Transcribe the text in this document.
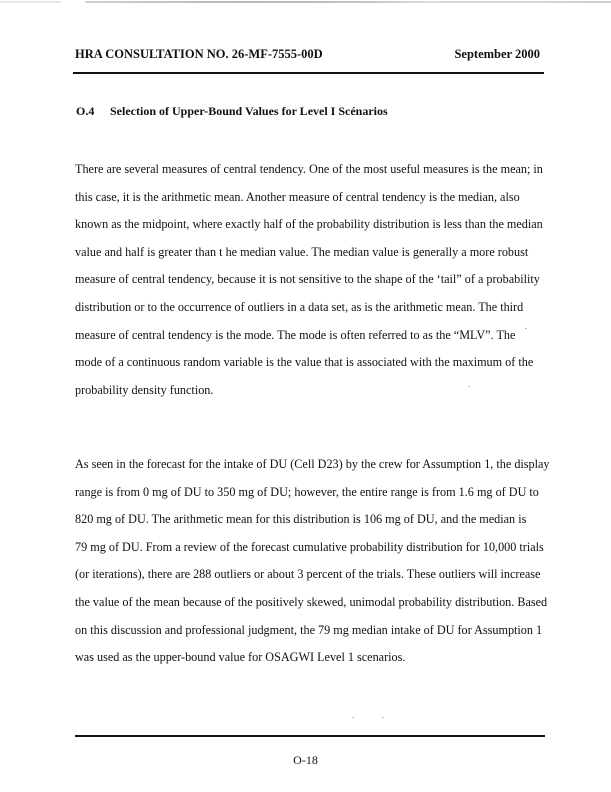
HRA CONSULTATION NO. 26-MF-7555-00D	September 2000
O.4 Selection of Upper-Bound Values for Level I Scénarios
There are several measures of central tendency. One of the most useful measures is the mean; in
this case, it is the arithmetic mean. Another measure of central tendency is the median, also
known as the midpoint, where exactly half of the probability distribution is less than the median
value and half is greater than t he median value. The median value is generally a more robust
measure of central tendency, because it is not sensitive to the shape of the ‘tail” of a probability
distribution or to the occurrence of outliers in a data set, as is the arithmetic mean. The third
measure of central tendency is the mode. The mode is often referred to as the “MLV”. The
mode of a continuous random variable is the value that is associated with the maximum of the
probability density function.
As seen in the forecast for the intake of DU (Cell D23) by the crew for Assumption 1, the display
range is from 0 mg of DU to 350 mg of DU; however, the entire range is from 1.6 mg of DU to
820 mg of DU. The arithmetic mean for this distribution is 106 mg of DU, and the median is
79 mg of DU. From a review of the forecast cumulative probability distribution for 10,000 trials
(or iterations), there are 288 outliers or about 3 percent of the trials. These outliers will increase
the value of the mean because of the positively skewed, unimodal probability distribution. Based
on this discussion and professional judgment, the 79 mg median intake of DU for Assumption 1
was used as the upper-bound value for OSAGWI Level 1 scenarios.
O-18
